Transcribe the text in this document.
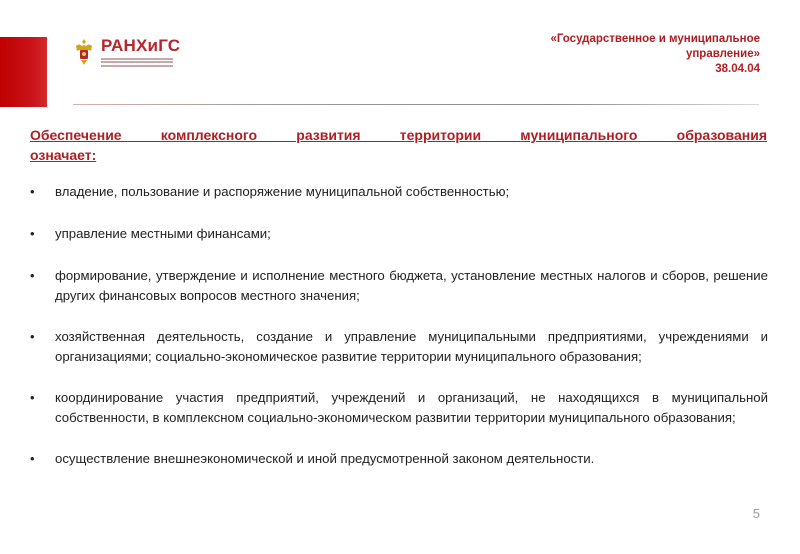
РАНХиГС	«Государственное и муниципальное
управление»
38.04.04
Обеспечение комплексного развития территории муниципального образования
означает:
•	владение, пользование и распоряжение муниципальной собственностью;
•	управление местными финансами;
•	формирование, утверждение и исполнение местного бюджета, установление местных налогов и сборов, решение других финансовых вопросов местного значения;
•	хозяйственная деятельность, создание и управление муниципальными предприятиями, учреждениями и организациями; социально-экономическое развитие территории муниципального образования;
•	координирование участия предприятий, учреждений и организаций, не находящихся в муниципальной собственности, в комплексном социально-экономическом развитии территории муниципального образования;
•	осуществление внешнеэкономической и иной предусмотренной законом деятельности.
5
